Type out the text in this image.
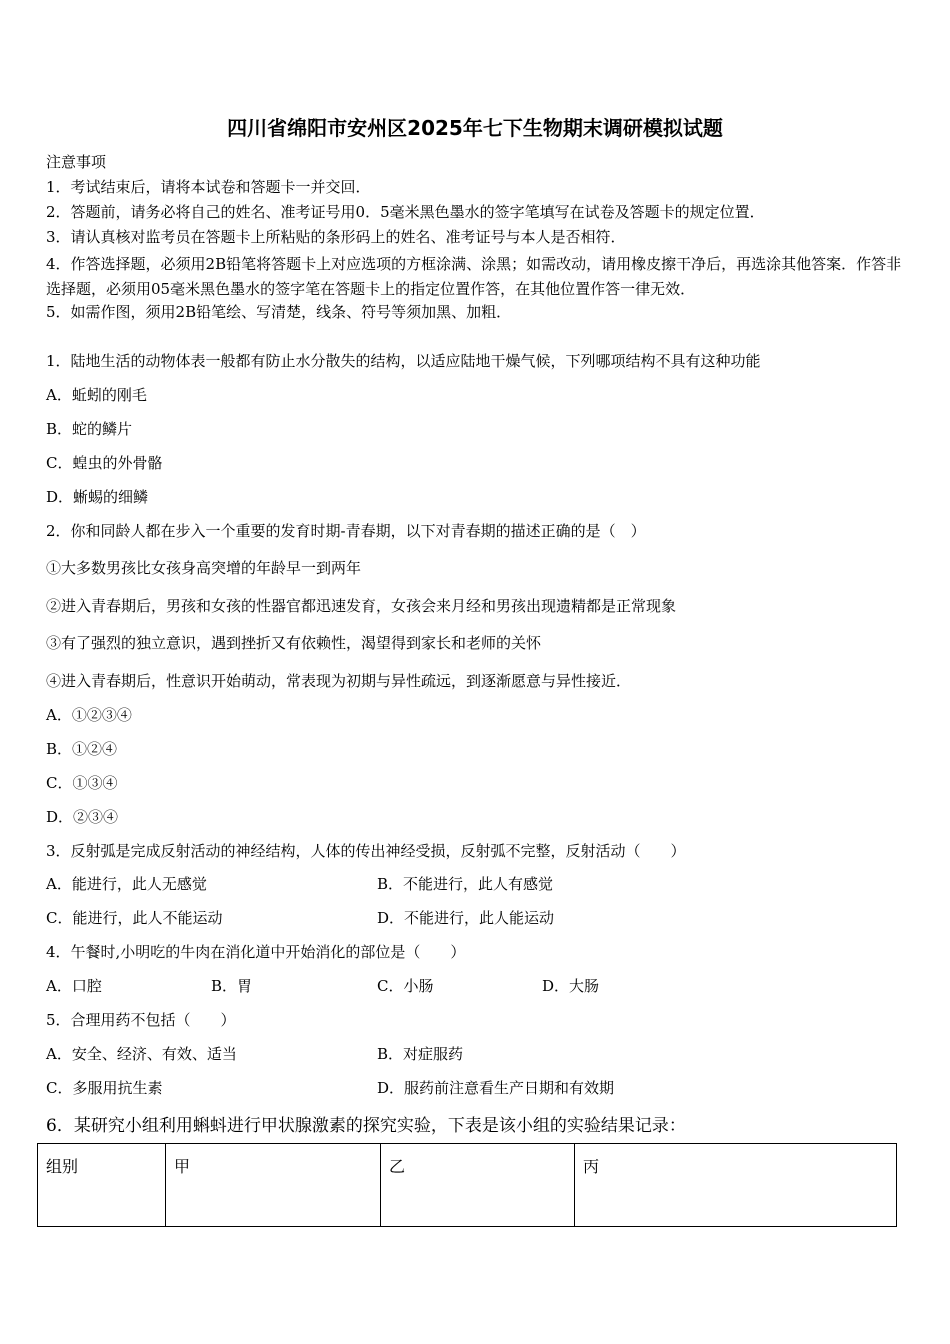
四川省绵阳市安州区2025年七下生物期末调研模拟试题
注意事项
1．考试结束后，请将本试卷和答题卡一并交回．
2．答题前，请务必将自己的姓名、准考证号用0．5毫米黑色墨水的签字笔填写在试卷及答题卡的规定位置．
3．请认真核对监考员在答题卡上所粘贴的条形码上的姓名、准考证号与本人是否相符．
4．作答选择题，必须用2B铅笔将答题卡上对应选项的方框涂满、涂黑；如需改动，请用橡皮擦干净后，再选涂其他答案．作答非选择题，必须用05毫米黑色墨水的签字笔在答题卡上的指定位置作答，在其他位置作答一律无效．
5．如需作图，须用2B铅笔绘、写清楚，线条、符号等须加黑、加粗．
1．陆地生活的动物体表一般都有防止水分散失的结构，以适应陆地干燥气候，下列哪项结构不具有这种功能
A．蚯蚓的刚毛
B．蛇的鳞片
C．蝗虫的外骨骼
D．蜥蜴的细鳞
2．你和同龄人都在步入一个重要的发育时期-青春期，以下对青春期的描述正确的是（　）
①大多数男孩比女孩身高突增的年龄早一到两年
②进入青春期后，男孩和女孩的性器官都迅速发育，女孩会来月经和男孩出现遗精都是正常现象
③有了强烈的独立意识，遇到挫折又有依赖性，渴望得到家长和老师的关怀
④进入青春期后，性意识开始萌动，常表现为初期与异性疏远，到逐渐愿意与异性接近．
A．①②③④
B．①②④
C．①③④
D．②③④
3．反射弧是完成反射活动的神经结构，人体的传出神经受损，反射弧不完整，反射活动（　　）
A．能进行，此人无感觉	B．不能进行，此人有感觉
C．能进行，此人不能运动	D．不能进行，此人能运动
4．午餐时,小明吃的牛肉在消化道中开始消化的部位是（　　）
A．口腔	B．胃	C．小肠	D．大肠
5．合理用药不包括（　　）
A．安全、经济、有效、适当	B．对症服药
C．多服用抗生素	D．服药前注意看生产日期和有效期
6．某研究小组利用蝌蚪进行甲状腺激素的探究实验，下表是该小组的实验结果记录：
组别	甲	乙	丙
